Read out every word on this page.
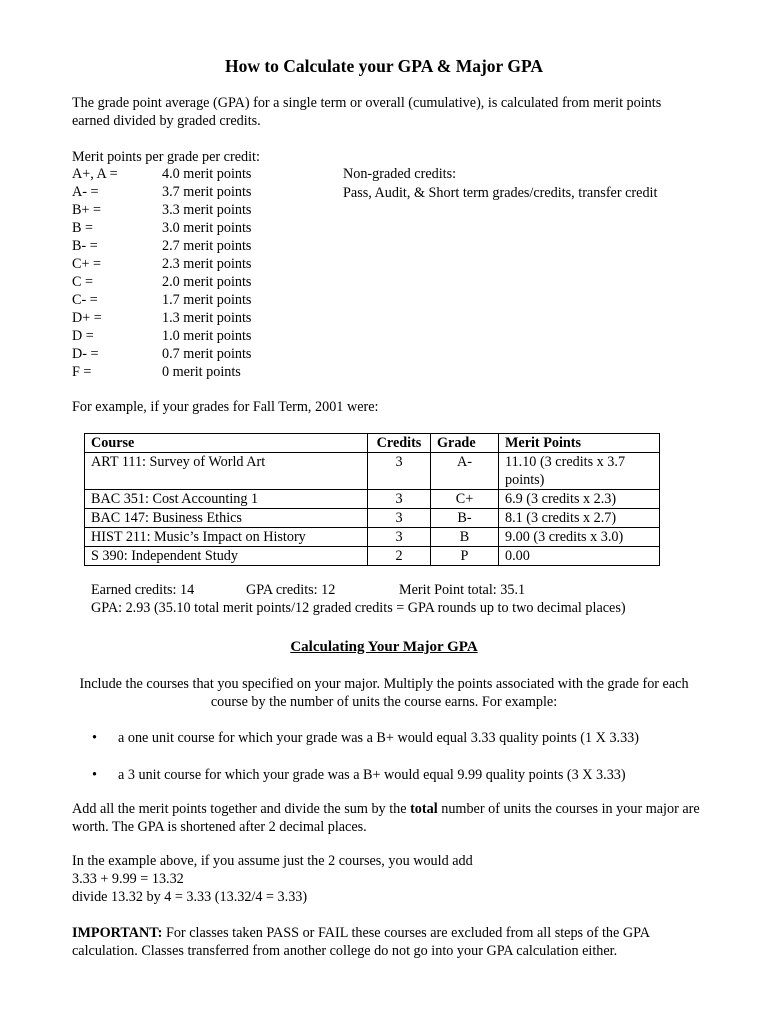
How to Calculate your GPA & Major GPA
The grade point average (GPA) for a single term or overall (cumulative), is calculated from merit points earned divided by graded credits.
Merit points per grade per credit:
A+, A =	4.0 merit points
A- =	3.7 merit points
B+ =	3.3 merit points
B =	3.0 merit points
B- =	2.7 merit points
C+ =	2.3 merit points
C =	2.0 merit points
C- =	1.7 merit points
D+ =	1.3 merit points
D =	1.0 merit points
D- =	0.7 merit points
F =	0 merit points
Non-graded credits:
Pass, Audit, & Short term grades/credits, transfer credit
For example, if your grades for Fall Term, 2001 were:
Course	Credits	Grade	Merit Points
ART 111: Survey of World Art	3	A-	11.10 (3 credits x 3.7 points)
BAC 351: Cost Accounting 1	3	C+	6.9 (3 credits x 2.3)
BAC 147: Business Ethics	3	B-	8.1 (3 credits x 2.7)
HIST 211: Music’s Impact on History	3	B	9.00 (3 credits x 3.0)
S 390: Independent Study	2	P	0.00
Earned credits: 14	GPA credits: 12	Merit Point total: 35.1
GPA: 2.93 (35.10 total merit points/12 graded credits = GPA rounds up to two decimal places)
Calculating Your Major GPA
Include the courses that you specified on your major. Multiply the points associated with the grade for each course by the number of units the course earns. For example:
• a one unit course for which your grade was a B+ would equal 3.33 quality points (1 X 3.33)
• a 3 unit course for which your grade was a B+ would equal 9.99 quality points (3 X 3.33)
Add all the merit points together and divide the sum by the total number of units the courses in your major are worth. The GPA is shortened after 2 decimal places.
In the example above, if you assume just the 2 courses, you would add
3.33 + 9.99 = 13.32
divide 13.32 by 4 = 3.33 (13.32/4 = 3.33)
IMPORTANT: For classes taken PASS or FAIL these courses are excluded from all steps of the GPA calculation. Classes transferred from another college do not go into your GPA calculation either.
